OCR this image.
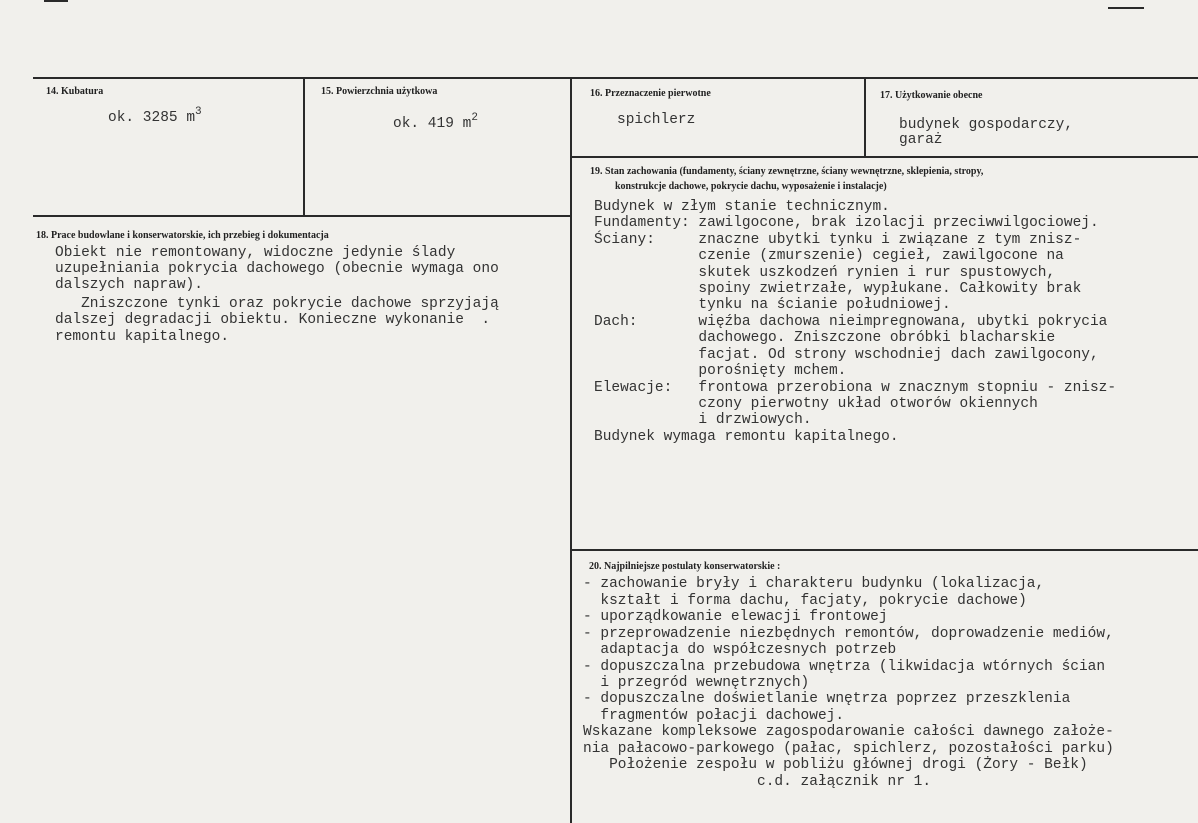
14. Kubatura
ok. 3285 $m^3$
15. Powierzchnia użytkowa
ok. 419 $m^2$
16. Przeznaczenie pierwotne
spichlerz
17. Użytkowanie obecne
budynek gospodarczy,
garaż
18. Prace budowlane i konserwatorskie, ich przebieg i dokumentacja
Obiekt nie remontowany, widoczne jedynie ślady
uzupełniania pokrycia dachowego (obecnie wymaga ono
dalszych napraw).
Zniszczone tynki oraz pokrycie dachowe sprzyjają
dalszej degradacji obiektu. Konieczne wykonanie  .
remontu kapitalnego.
19. Stan zachowania (fundamenty, ściany zewnętrzne, ściany wewnętrzne, sklepienia, stropy,
konstrukcje dachowe, pokrycie dachu, wyposażenie i instalacje)
Budynek w złym stanie technicznym.
Fundamenty: zawilgocone, brak izolacji przeciwwilgociowej.
Ściany:     znaczne ubytki tynku i związane z tym znisz-
czenie (zmurszenie) cegieł, zawilgocone na
skutek uszkodzeń rynien i rur spustowych,
spoiny zwietrzałe, wypłukane. Całkowity brak
tynku na ścianie południowej.
Dach:       więźba dachowa nieimpregnowana, ubytki pokrycia
dachowego. Zniszczone obróbki blacharskie
facjat. Od strony wschodniej dach zawilgocony,
porośnięty mchem.
Elewacje:   frontowa przerobiona w znacznym stopniu - znisz-
czony pierwotny układ otworów okiennych
i drzwiowych.
Budynek wymaga remontu kapitalnego.
20. Najpilniejsze postulaty konserwatorskie :
- zachowanie bryły i charakteru budynku (lokalizacja,
kształt i forma dachu, facjaty, pokrycie dachowe)
- uporządkowanie elewacji frontowej
- przeprowadzenie niezbędnych remontów, doprowadzenie mediów,
adaptacja do współczesnych potrzeb
- dopuszczalna przebudowa wnętrza (likwidacja wtórnych ścian
i przegród wewnętrznych)
- dopuszczalne doświetlanie wnętrza poprzez przeszklenia
fragmentów połacji dachowej.
Wskazane kompleksowe zagospodarowanie całości dawnego założe-
nia pałacowo-parkowego (pałac, spichlerz, pozostałości parku)
Położenie zespołu w pobliżu głównej drogi (Żory - Bełk)
c.d. załącznik nr 1.
